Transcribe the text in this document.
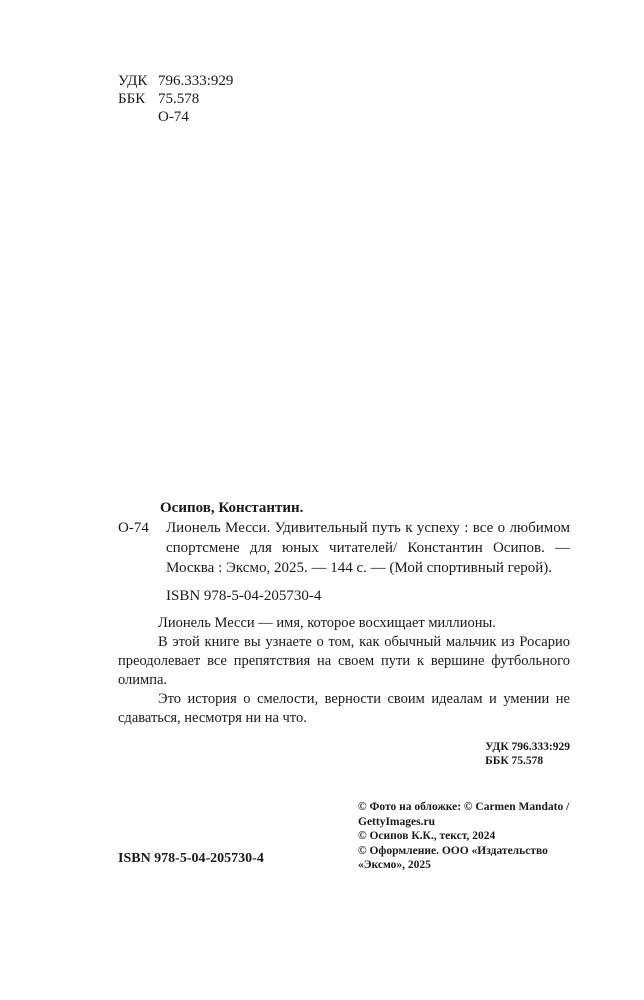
УДК 796.333:929
ББК 75.578
О-74
Осипов, Константин.
О-74	Лионель Месси. Удивительный путь к успеху : все о любимом спортсмене для юных читателей/ Константин Осипов. — Москва : Эксмо, 2025. — 144 с. — (Мой спортивный герой).
ISBN 978-5-04-205730-4

Лионель Месси — имя, которое восхищает миллионы.

В этой книге вы узнаете о том, как обычный мальчик из Росарио преодолевает все препятствия на своем пути к вершине футбольного олимпа.

Это история о смелости, верности своим идеалам и умении не сдаваться, несмотря ни на что.

УДК 796.333:929
ББК 75.578

© Фото на обложке: © Carmen Mandato / GettyImages.ru

© Осипов К.К., текст, 2024

© Оформление. ООО «Издательство «Эксмо», 2025

ISBN 978-5-04-205730-4
